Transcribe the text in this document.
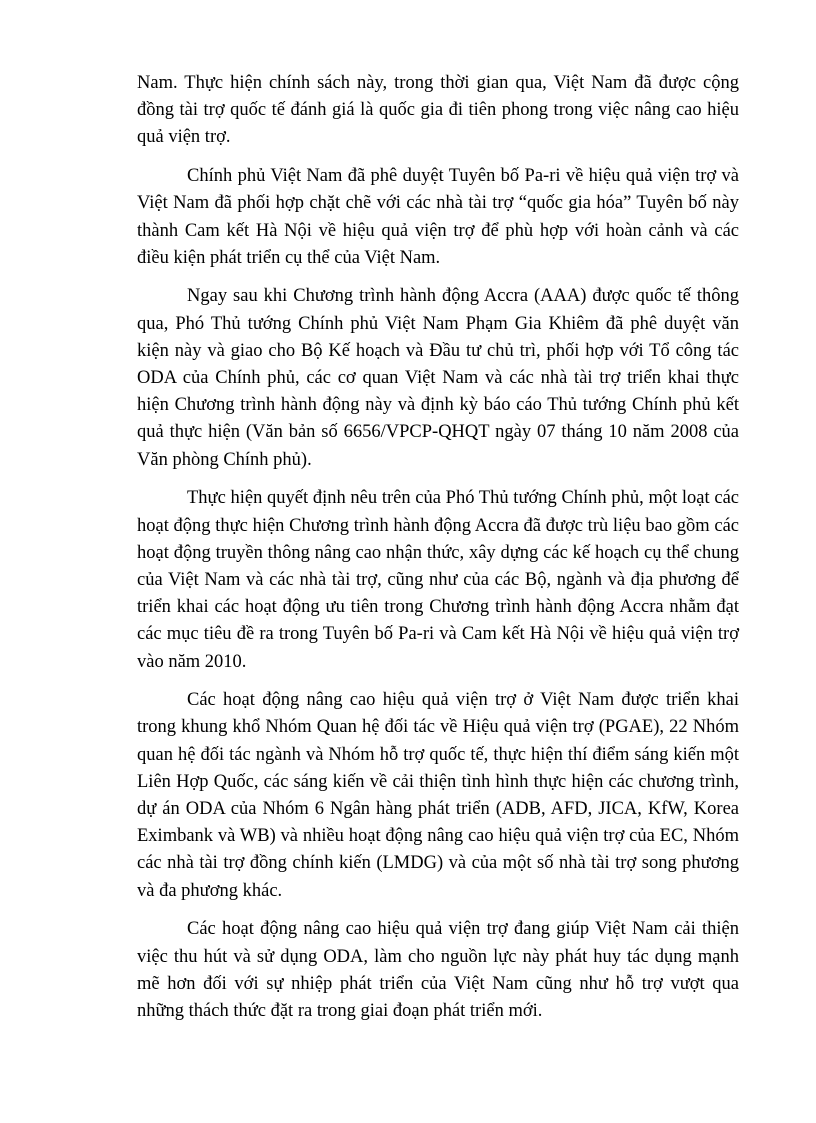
Nam. Thực hiện chính sách này, trong thời gian qua, Việt Nam đã được cộng đồng tài trợ quốc tế đánh giá là quốc gia đi tiên phong trong việc nâng cao hiệu quả viện trợ.

Chính phủ Việt Nam đã phê duyệt Tuyên bố Pa-ri về hiệu quả viện trợ và Việt Nam đã phối hợp chặt chẽ với các nhà tài trợ “quốc gia hóa” Tuyên bố này thành Cam kết Hà Nội về hiệu quả viện trợ để phù hợp với hoàn cảnh và các điều kiện phát triển cụ thể của Việt Nam.

Ngay sau khi Chương trình hành động Accra (AAA) được quốc tế thông qua, Phó Thủ tướng Chính phủ Việt Nam Phạm Gia Khiêm đã phê duyệt văn kiện này và giao cho Bộ Kế hoạch và Đầu tư chủ trì, phối hợp với Tổ công tác ODA của Chính phủ, các cơ quan Việt Nam và các nhà tài trợ triển khai thực hiện Chương trình hành động này và định kỳ báo cáo Thủ tướng Chính phủ kết quả thực hiện (Văn bản số 6656/VPCP-QHQT ngày 07 tháng 10 năm 2008 của Văn phòng Chính phủ).

Thực hiện quyết định nêu trên của Phó Thủ tướng Chính phủ, một loạt các hoạt động thực hiện Chương trình hành động Accra đã được trù liệu bao gồm các hoạt động truyền thông nâng cao nhận thức, xây dựng các kế hoạch cụ thể chung của Việt Nam và các nhà tài trợ, cũng như của các Bộ, ngành và địa phương để triển khai các hoạt động ưu tiên trong Chương trình hành động Accra nhằm đạt các mục tiêu đề ra trong Tuyên bố Pa-ri và Cam kết Hà Nội về hiệu quả viện trợ vào năm 2010.

Các hoạt động nâng cao hiệu quả viện trợ ở Việt Nam được triển khai trong khung khổ Nhóm Quan hệ đối tác về Hiệu quả viện trợ (PGAE), 22 Nhóm quan hệ đối tác ngành và Nhóm hỗ trợ quốc tế, thực hiện thí điểm sáng kiến một Liên Hợp Quốc, các sáng kiến về cải thiện tình hình thực hiện các chương trình, dự án ODA của Nhóm 6 Ngân hàng phát triển (ADB, AFD, JICA, KfW, Korea Eximbank và WB) và nhiều hoạt động nâng cao hiệu quả viện trợ của EC, Nhóm các nhà tài trợ đồng chính kiến (LMDG) và của một số nhà tài trợ song phương và đa phương khác.

Các hoạt động nâng cao hiệu quả viện trợ đang giúp Việt Nam cải thiện việc thu hút và sử dụng ODA, làm cho nguồn lực này phát huy tác dụng mạnh mẽ hơn đối với sự nhiệp phát triển của Việt Nam cũng như hỗ trợ vượt qua những thách thức đặt ra trong giai đoạn phát triển mới.
